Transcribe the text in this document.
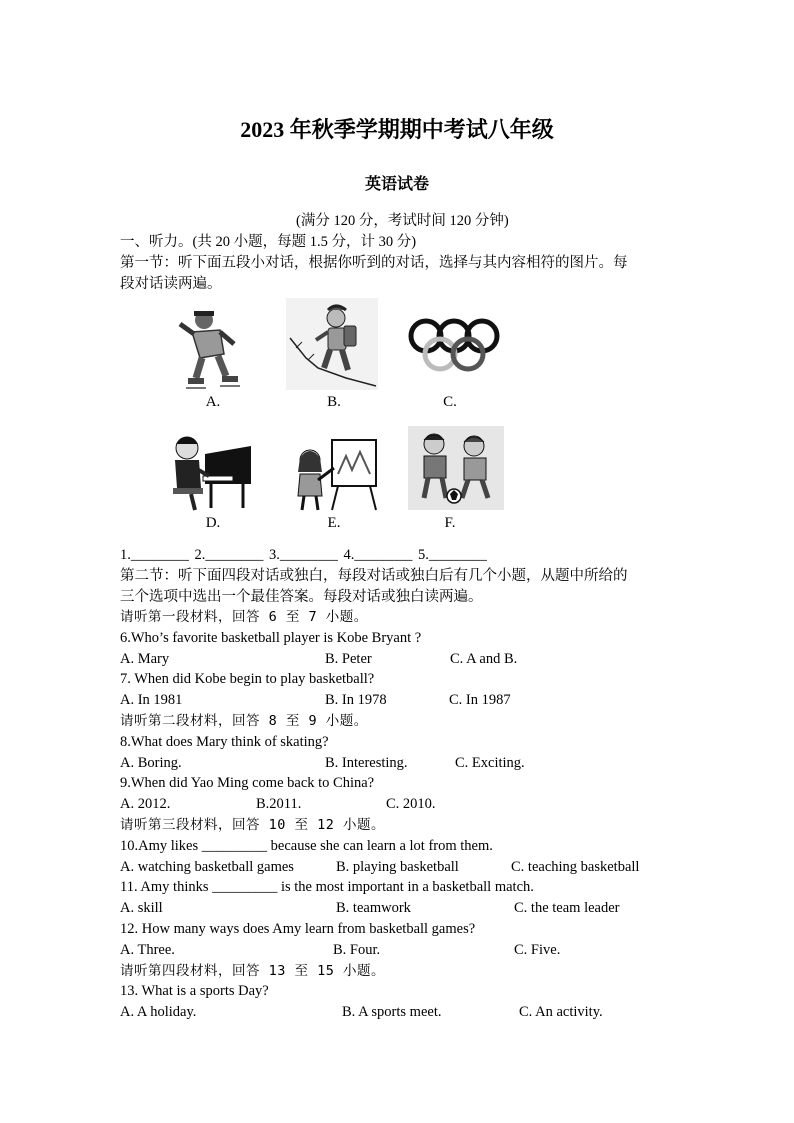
2023 年秋季学期期中考试八年级
英语试卷
(满分 120 分，考试时间 120 分钟)
一、听力。(共 20 小题，每题 1.5 分，计 30 分)
第一节：听下面五段小对话，根据你听到的对话，选择与其内容相符的图片。每
段对话读两遍。
A.	B.	C.
D.	E.	F.
1.________ 2.________ 3.________ 4.________ 5.________
第二节：听下面四段对话或独白，每段对话或独白后有几个小题，从题中所给的
三个选项中选出一个最佳答案。每段对话或独白读两遍。
请听第一段材料，回答 6 至 7 小题。
6.Who’s favorite basketball player is Kobe Bryant ?
A. Mary	B. Peter	C. A and B.
7. When did Kobe begin to play basketball?
A. In 1981	B. In 1978	C. In 1987
请听第二段材料，回答 8 至 9 小题。
8.What does Mary think of skating?
A. Boring.	B. Interesting.	C. Exciting.
9.When did Yao Ming come back to China?
A. 2012.	B.2011.	C. 2010.
请听第三段材料，回答 10 至 12 小题。
10.Amy likes _________ because she can learn a lot from them.
A. watching basketball games	B. playing basketball	C. teaching basketball
11. Amy thinks _________ is the most important in a basketball match.
A. skill	B. teamwork	C. the team leader
12. How many ways does Amy learn from basketball games?
A. Three.	B. Four.	C. Five.
请听第四段材料，回答 13 至 15 小题。
13. What is a sports Day?
A. A holiday.	B. A sports meet.	C. An activity.
